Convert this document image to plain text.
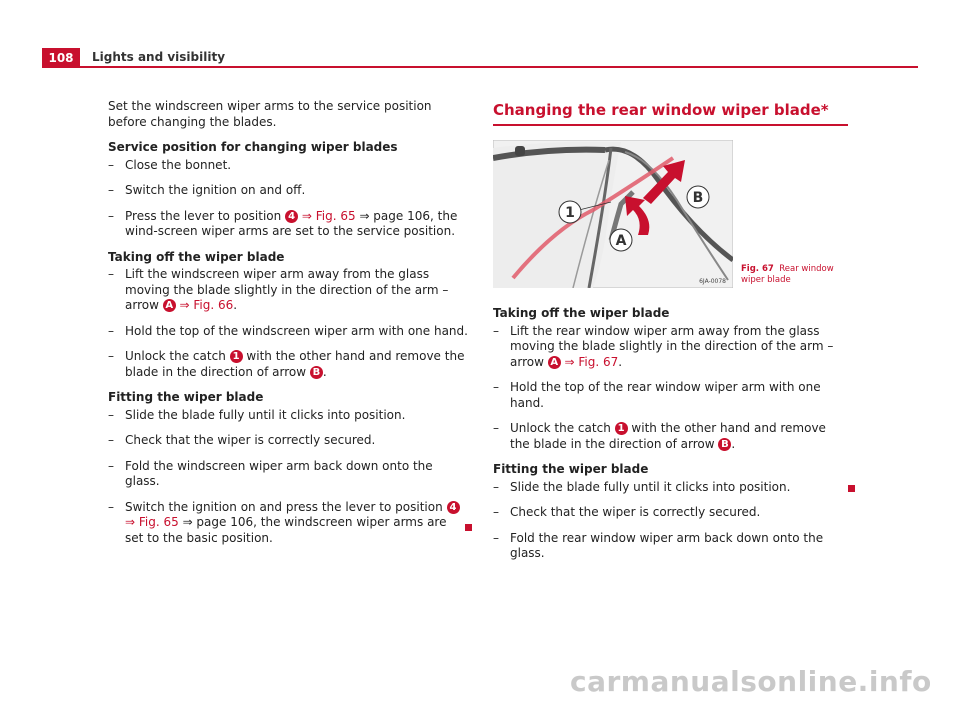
108	Lights and visibility

Set the windscreen wiper arms to the service position before changing the blades.

Service position for changing wiper blades

– Close the bonnet.
– Switch the ignition on and off.
– Press the lever to position 4 ⇒ Fig. 65 ⇒ page 106, the wind-screen wiper arms are set to the service position.

Taking off the wiper blade

– Lift the windscreen wiper arm away from the glass moving the blade slightly in the direction of the arm – arrow A ⇒ Fig. 66.
– Hold the top of the windscreen wiper arm with one hand.
– Unlock the catch 1 with the other hand and remove the blade in the direction of arrow B .

Fitting the wiper blade

– Slide the blade fully until it clicks into position.
– Check that the wiper is correctly secured.
– Fold the windscreen wiper arm back down onto the glass.
– Switch the ignition on and press the lever to position 4 ⇒ Fig. 65 ⇒ page 106, the windscreen wiper arms are set to the basic position.
Changing the rear window wiper blade*
1
A
B
6JA-0078
Fig. 67 Rear window wiper blade

Taking off the wiper blade

– Lift the rear window wiper arm away from the glass moving the blade slightly in the direction of the arm – arrow A ⇒ Fig. 67.
– Hold the top of the rear window wiper arm with one hand.
– Unlock the catch 1 with the other hand and remove the blade in the direction of arrow B .

Fitting the wiper blade

– Slide the blade fully until it clicks into position.
– Check that the wiper is correctly secured.
– Fold the rear window wiper arm back down onto the glass.
carmanualsonline.info
